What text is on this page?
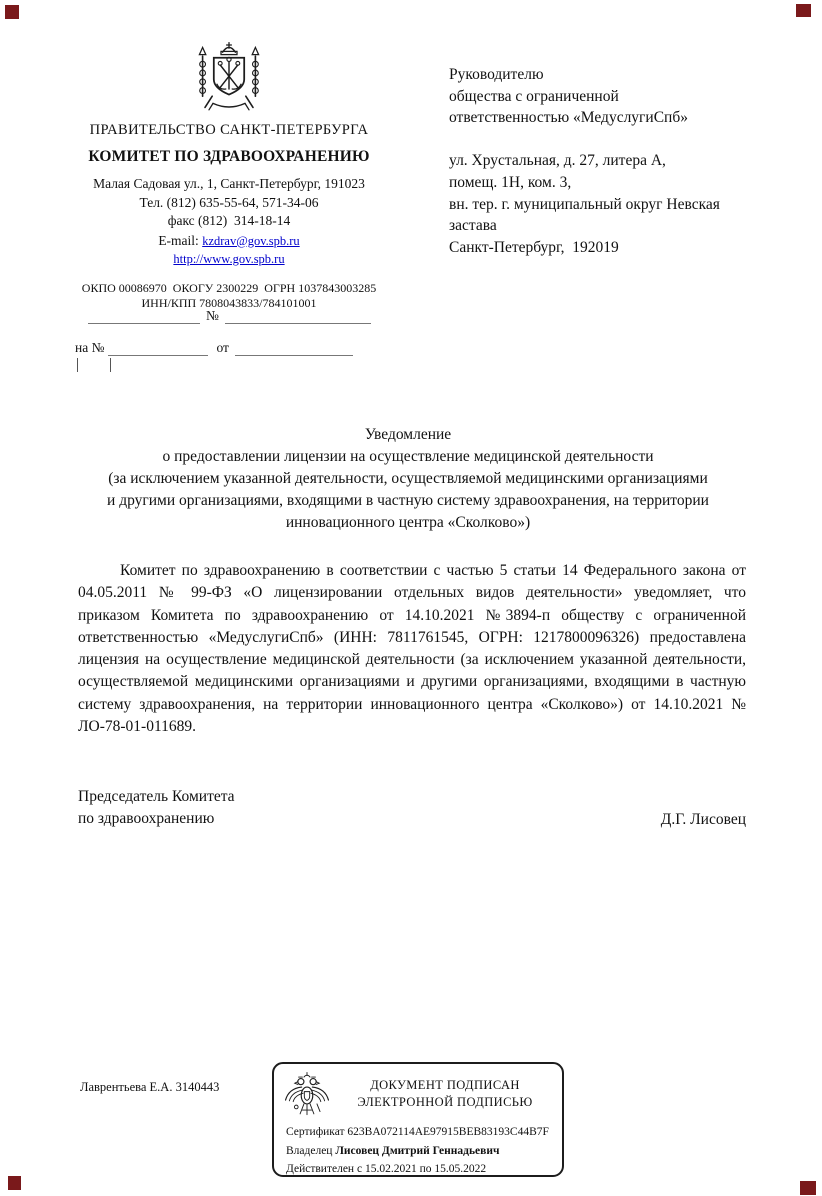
ПРАВИТЕЛЬСТВО САНКТ-ПЕТЕРБУРГА
КОМИТЕТ ПО ЗДРАВООХРАНЕНИЮ
Малая Садовая ул., 1, Санкт-Петербург, 191023
Тел. (812) 635-55-64, 571-34-06
факс (812)  314-18-14
E-mail: kzdrav@gov.spb.ru
http://www.gov.spb.ru
ОКПО 00086970  ОКОГУ 2300229  ОГРН 1037843003285
ИНН/КПП 7808043833/784101001
№
на №	от
Руководителю
общества с ограниченной
ответственностью «МедуслугиСпб»
ул. Хрустальная, д. 27, литера А,
помещ. 1Н, ком. 3,
вн. тер. г. муниципальный округ Невская
застава
Санкт-Петербург,  192019
Уведомление
о предоставлении лицензии на осуществление медицинской деятельности
(за исключением указанной деятельности, осуществляемой медицинскими организациями
и другими организациями, входящими в частную систему здравоохранения, на территории
инновационного центра «Сколково»)
Комитет по здравоохранению в соответствии с частью 5 статьи 14 Федерального закона от 04.05.2011 № 99-ФЗ «О лицензировании отдельных видов деятельности» уведомляет, что приказом Комитета по здравоохранению от 14.10.2021 №3894-п обществу с ограниченной ответственностью «МедуслугиСпб» (ИНН: 7811761545, ОГРН: 1217800096326) предоставлена лицензия на осуществление медицинской деятельности (за исключением указанной деятельности, осуществляемой медицинскими организациями и другими организациями, входящими в частную систему здравоохранения, на территории инновационного центра «Сколково») от 14.10.2021 № ЛО-78-01-011689.
Председатель Комитета
по здравоохранению	Д.Г. Лисовец
Лаврентьева Е.А. 3140443	ДОКУМЕНТ ПОДПИСАН
ЭЛЕКТРОННОЙ ПОДПИСЬЮ
Сертификат 623BA072114AE97915BEB83193C44B7F
Владелец Лисовец Дмитрий Геннадьевич
Действителен с 15.02.2021 по 15.05.2022
